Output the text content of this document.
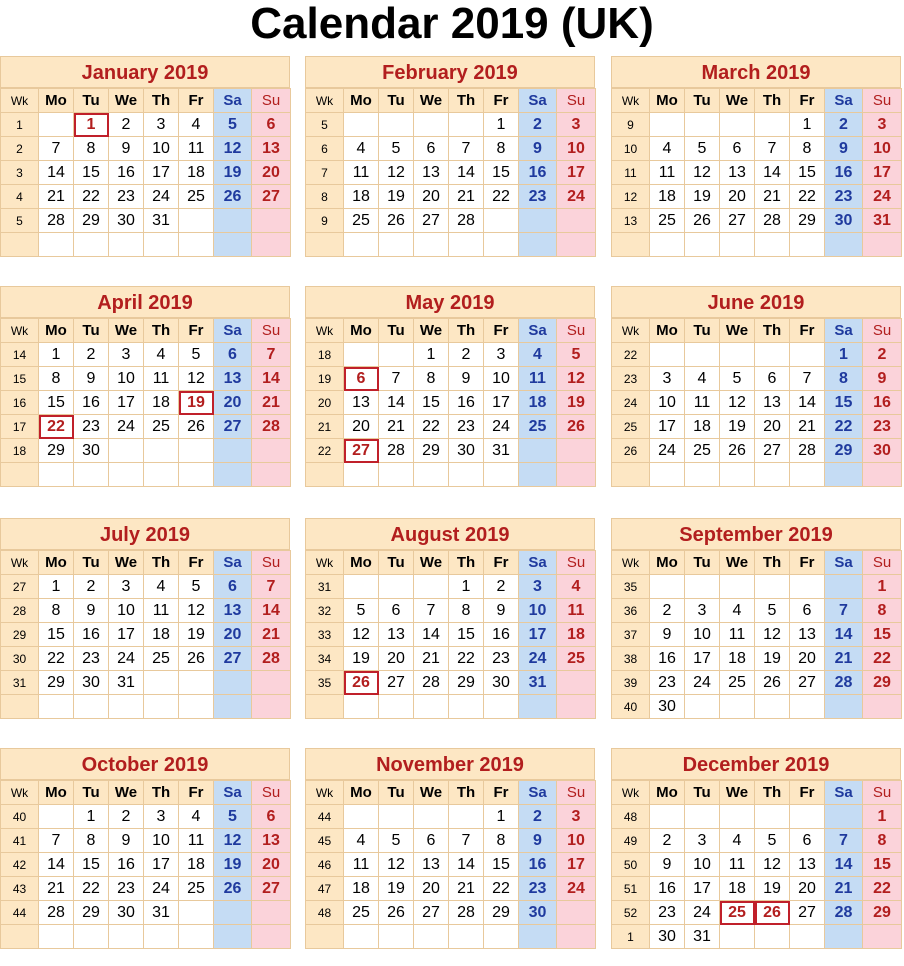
Calendar 2019 (UK)
January 2019
Wk	Mo	Tu	We	Th	Fr	Sa	Su
1		1	2	3	4	5	6
2	7	8	9	10	11	12	13
3	14	15	16	17	18	19	20
4	21	22	23	24	25	26	27
5	28	29	30	31			

February 2019
Wk	Mo	Tu	We	Th	Fr	Sa	Su
5					1	2	3
6	4	5	6	7	8	9	10
7	11	12	13	14	15	16	17
8	18	19	20	21	22	23	24
9	25	26	27	28			

March 2019
Wk	Mo	Tu	We	Th	Fr	Sa	Su
9					1	2	3
10	4	5	6	7	8	9	10
11	11	12	13	14	15	16	17
12	18	19	20	21	22	23	24
13	25	26	27	28	29	30	31

April 2019
Wk	Mo	Tu	We	Th	Fr	Sa	Su
14	1	2	3	4	5	6	7
15	8	9	10	11	12	13	14
16	15	16	17	18	19	20	21
17	22	23	24	25	26	27	28
18	29	30					

May 2019
Wk	Mo	Tu	We	Th	Fr	Sa	Su
18			1	2	3	4	5
19	6	7	8	9	10	11	12
20	13	14	15	16	17	18	19
21	20	21	22	23	24	25	26
22	27	28	29	30	31		

June 2019
Wk	Mo	Tu	We	Th	Fr	Sa	Su
22						1	2
23	3	4	5	6	7	8	9
24	10	11	12	13	14	15	16
25	17	18	19	20	21	22	23
26	24	25	26	27	28	29	30

July 2019
Wk	Mo	Tu	We	Th	Fr	Sa	Su
27	1	2	3	4	5	6	7
28	8	9	10	11	12	13	14
29	15	16	17	18	19	20	21
30	22	23	24	25	26	27	28
31	29	30	31				

August 2019
Wk	Mo	Tu	We	Th	Fr	Sa	Su
31				1	2	3	4
32	5	6	7	8	9	10	11
33	12	13	14	15	16	17	18
34	19	20	21	22	23	24	25
35	26	27	28	29	30	31	

September 2019
Wk	Mo	Tu	We	Th	Fr	Sa	Su
35							1
36	2	3	4	5	6	7	8
37	9	10	11	12	13	14	15
38	16	17	18	19	20	21	22
39	23	24	25	26	27	28	29
40	30						
October 2019
Wk	Mo	Tu	We	Th	Fr	Sa	Su
40		1	2	3	4	5	6
41	7	8	9	10	11	12	13
42	14	15	16	17	18	19	20
43	21	22	23	24	25	26	27
44	28	29	30	31			

November 2019
Wk	Mo	Tu	We	Th	Fr	Sa	Su
44					1	2	3
45	4	5	6	7	8	9	10
46	11	12	13	14	15	16	17
47	18	19	20	21	22	23	24
48	25	26	27	28	29	30	

December 2019
Wk	Mo	Tu	We	Th	Fr	Sa	Su
48							1
49	2	3	4	5	6	7	8
50	9	10	11	12	13	14	15
51	16	17	18	19	20	21	22
52	23	24	25	26	27	28	29
1	30	31					
